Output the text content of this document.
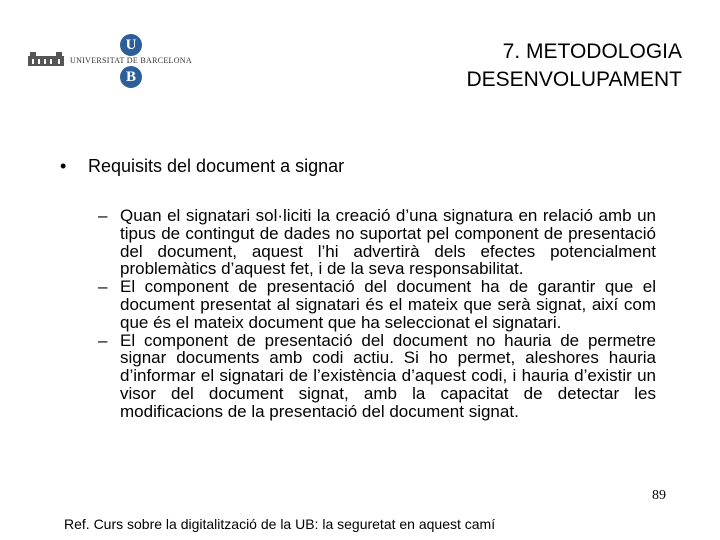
U
UNIVERSITAT DE BARCELONA
B
7. METODOLOGIA
DESENVOLUPAMENT
• Requisits del document a signar
– Quan el signatari sol·liciti la creació d’una signatura en relació amb un tipus de contingut de dades no suportat pel component de presentació del document, aquest l’hi advertirà dels efectes potencialment problemàtics d’aquest fet, i de la seva responsabilitat.
– El component de presentació del document ha de garantir que el document presentat al signatari és el mateix que serà signat, així com que és el mateix document que ha seleccionat el signatari.
– El component de presentació del document no hauria de permetre signar documents amb codi actiu. Si ho permet, aleshores hauria d’informar el signatari de l’existència d’aquest codi, i hauria d’existir un visor del document signat, amb la capacitat de detectar les modificacions de la presentació del document signat.
89
Ref. Curs sobre la digitalització de la UB: la seguretat en aquest camí
